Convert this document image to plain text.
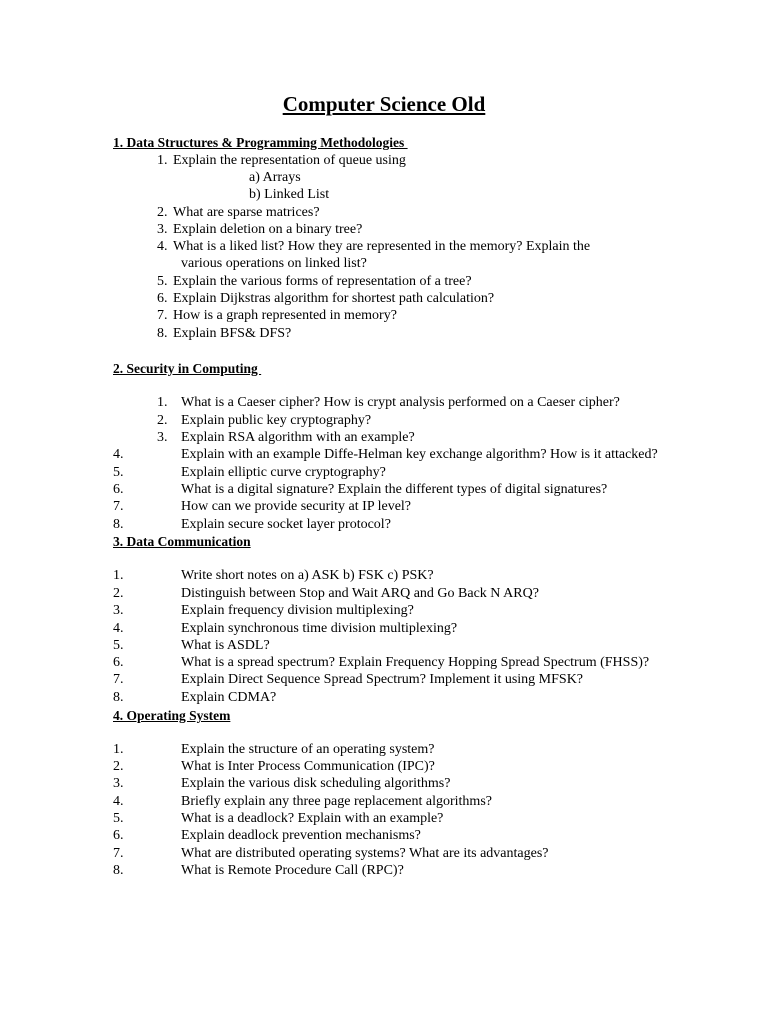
Computer Science Old
1. Data Structures & Programming Methodologies
1. Explain the representation of queue using
a) Arrays
b) Linked List
2. What are sparse matrices?
3. Explain deletion on a binary tree?
4. What is a liked list? How they are represented in the memory? Explain the
various operations on linked list?
5. Explain the various forms of representation of a tree?
6. Explain Dijkstras algorithm for shortest path calculation?
7. How is a graph represented in memory?
8. Explain BFS& DFS?
2. Security in Computing
1. What is a Caeser cipher? How is crypt analysis performed on a Caeser cipher?
2. Explain public key cryptography?
3. Explain RSA algorithm with an example?
4.	Explain with an example Diffe-Helman key exchange algorithm? How is it attacked?
5.	Explain elliptic curve cryptography?
6.	What is a digital signature? Explain the different types of digital signatures?
7.	How can we provide security at IP level?
8.	Explain secure socket layer protocol?
3. Data Communication
1.	Write short notes on a) ASK b) FSK c) PSK?
2.	Distinguish between Stop and Wait ARQ and Go Back N ARQ?
3.	Explain frequency division multiplexing?
4.	Explain synchronous time division multiplexing?
5.	What is ASDL?
6.	What is a spread spectrum? Explain Frequency Hopping Spread Spectrum (FHSS)?
7.	Explain Direct Sequence Spread Spectrum? Implement it using MFSK?
8.	Explain CDMA?
4. Operating System
1.	Explain the structure of an operating system?
2.	What is Inter Process Communication (IPC)?
3.	Explain the various disk scheduling algorithms?
4.	Briefly explain any three page replacement algorithms?
5.	What is a deadlock? Explain with an example?
6.	Explain deadlock prevention mechanisms?
7.	What are distributed operating systems? What are its advantages?
8.	What is Remote Procedure Call (RPC)?
